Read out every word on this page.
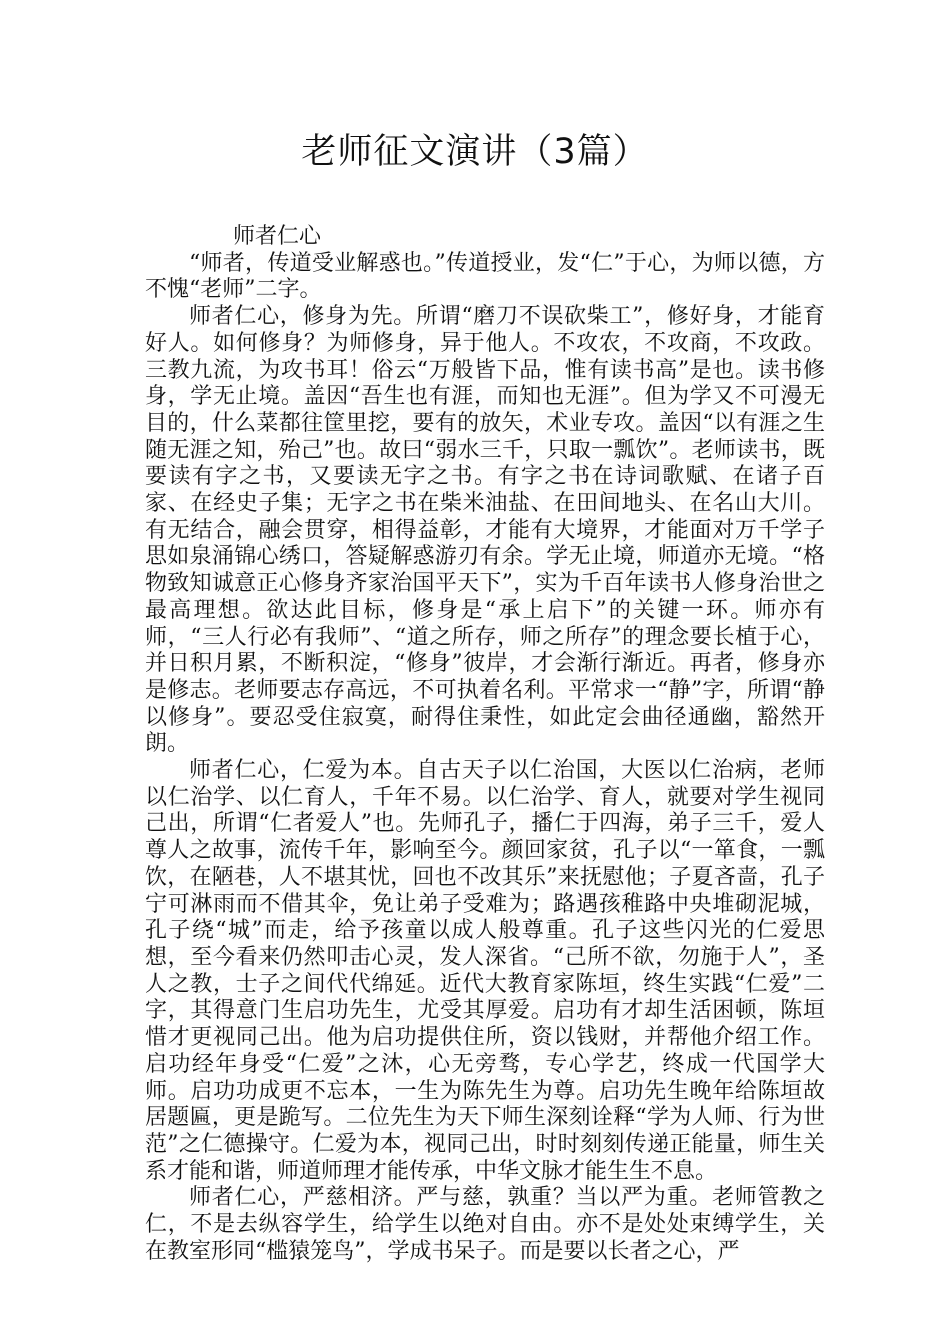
老师征文演讲（3篇）
师者仁心

“师者，传道受业解惑也。”传道授业，发“仁”于心，为师以德，方不愧“老师”二字。

师者仁心，修身为先。所谓“磨刀不误砍柴工”，修好身，才能育好人。如何修身？为师修身，异于他人。不攻农，不攻商，不攻政。三教九流，为攻书耳！俗云“万般皆下品，惟有读书高”是也。读书修身，学无止境。盖因“吾生也有涯，而知也无涯”。但为学又不可漫无目的，什么菜都往筐里挖，要有的放矢，术业专攻。盖因“以有涯之生随无涯之知，殆己”也。故曰“弱水三千，只取一瓢饮”。老师读书，既要读有字之书，又要读无字之书。有字之书在诗词歌赋、在诸子百家、在经史子集；无字之书在柴米油盐、在田间地头、在名山大川。有无结合，融会贯穿，相得益彰，才能有大境界，才能面对万千学子思如泉涌锦心绣口，答疑解惑游刃有余。学无止境，师道亦无境。“格物致知诚意正心修身齐家治国平天下”，实为千百年读书人修身治世之最高理想。欲达此目标，修身是“承上启下”的关键一环。师亦有师，“三人行必有我师”、“道之所存，师之所存”的理念要长植于心，并日积月累，不断积淀，“修身”彼岸，才会渐行渐近。再者，修身亦是修志。老师要志存高远，不可执着名利。平常求一“静”字，所谓“静以修身”。要忍受住寂寞，耐得住秉性，如此定会曲径通幽，豁然开朗。

师者仁心，仁爱为本。自古天子以仁治国，大医以仁治病，老师以仁治学、以仁育人，千年不易。以仁治学、育人，就要对学生视同己出，所谓“仁者爱人”也。先师孔子，播仁于四海，弟子三千，爱人尊人之故事，流传千年，影响至今。颜回家贫，孔子以“一箪食，一瓢饮，在陋巷，人不堪其忧，回也不改其乐”来抚慰他；子夏吝啬，孔子宁可淋雨而不借其伞，免让弟子受难为；路遇孩稚路中央堆砌泥城，孔子绕“城”而走，给予孩童以成人般尊重。孔子这些闪光的仁爱思想，至今看来仍然叩击心灵，发人深省。“己所不欲，勿施于人”，圣人之教，士子之间代代绵延。近代大教育家陈垣，终生实践“仁爱”二字，其得意门生启功先生，尤受其厚爱。启功有才却生活困顿，陈垣惜才更视同己出。他为启功提供住所，资以钱财，并帮他介绍工作。启功经年身受“仁爱”之沐，心无旁骛，专心学艺，终成一代国学大师。启功功成更不忘本，一生为陈先生为尊。启功先生晚年给陈垣故居题匾，更是跪写。二位先生为天下师生深刻诠释“学为人师、行为世范”之仁德操守。仁爱为本，视同己出，时时刻刻传递正能量，师生关系才能和谐，师道师理才能传承，中华文脉才能生生不息。

师者仁心，严慈相济。严与慈，孰重？当以严为重。老师管教之仁，不是去纵容学生，给学生以绝对自由。亦不是处处束缚学生，关在教室形同“槛猿笼鸟”，学成书呆子。而是要以长者之心，严
